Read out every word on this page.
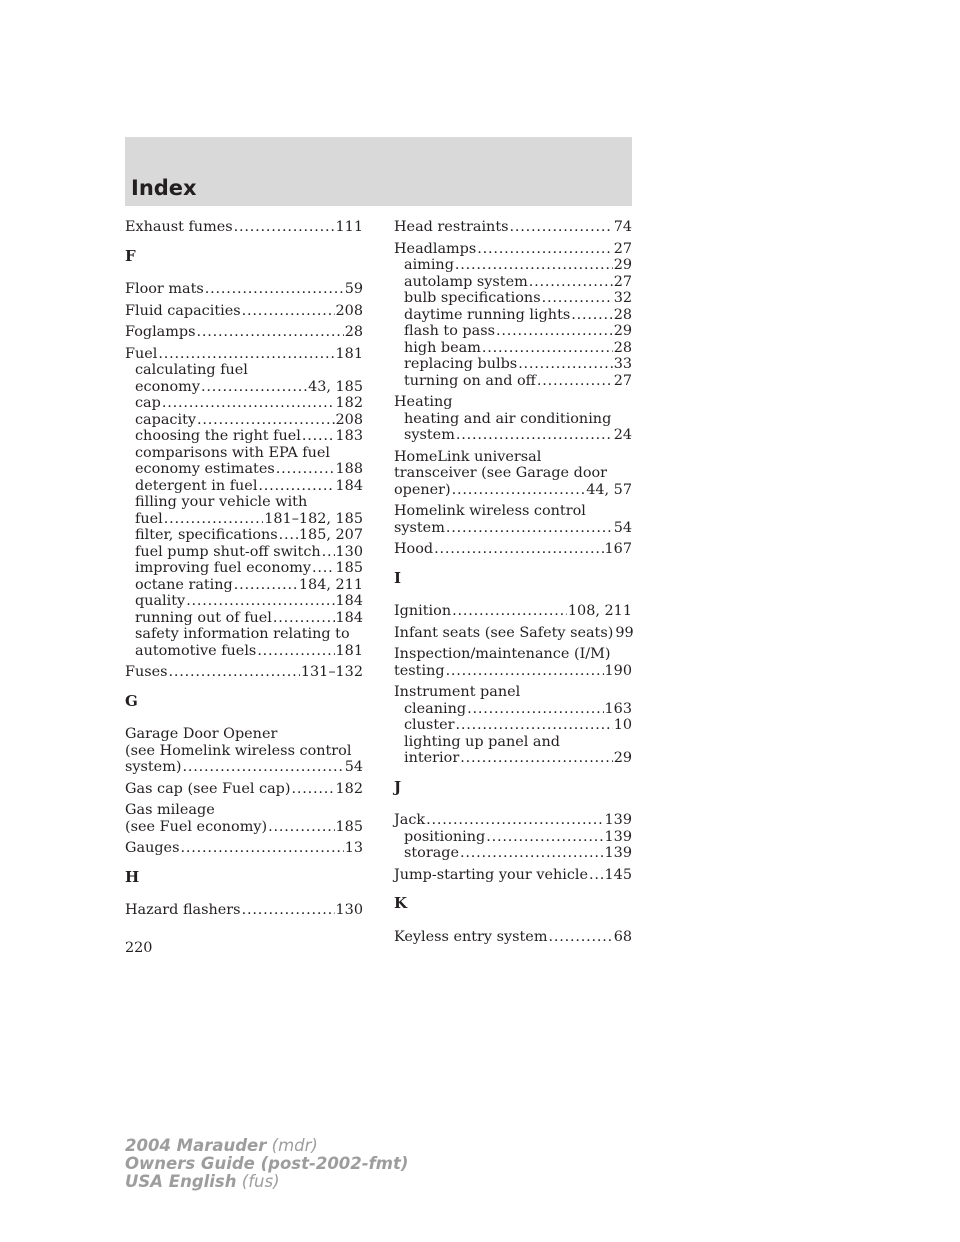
Index
Exhaust fumes .....	111
F
Floor mats .....	59
Fluid capacities .....	208
Foglamps .....	28
Fuel .....	181
calculating fuel
economy .....	43, 185
cap .....	182
capacity .....	208
choosing the right fuel ..... 183
comparisons with EPA fuel
economy estimates .....	188
detergent in fuel .....	184
filling your vehicle with
fuel .....	181–182, 185
filter, specifications ..... 185, 207
fuel pump shut-off switch ..... 130
improving fuel economy ..... 185
octane rating .....	184, 211
quality .....	184
running out of fuel .....	184
safety information relating to
automotive fuels .....	181
Fuses .....	131–132
G
Garage Door Opener
(see Homelink wireless control
system) .....	54
Gas cap (see Fuel cap) .....	182
Gas mileage
(see Fuel economy) .....	185
Gauges .....	13
H
Hazard flashers .....	130
Head restraints .....	74
Headlamps .....	27
aiming .....	29
autolamp system .....	27
bulb specifications .....	32
daytime running lights .....	28
flash to pass .....	29
high beam .....	28
replacing bulbs .....	33
turning on and off .....	27
Heating
heating and air conditioning
system .....	24
HomeLink universal
transceiver (see Garage door
opener) .....	44, 57
Homelink wireless control
system .....	54
Hood .....	167
I
Ignition .....	108, 211
Infant seats (see Safety seats) 99
Inspection/maintenance (I/M)
testing .....	190
Instrument panel
cleaning .....	163
cluster .....	10
lighting up panel and
interior .....	29
J
Jack .....	139
positioning .....	139
storage .....	139
Jump-starting your vehicle ..... 145
K
Keyless entry system .....	68
220
2004 Marauder (mdr)
Owners Guide (post-2002-fmt)
USA English (fus)
